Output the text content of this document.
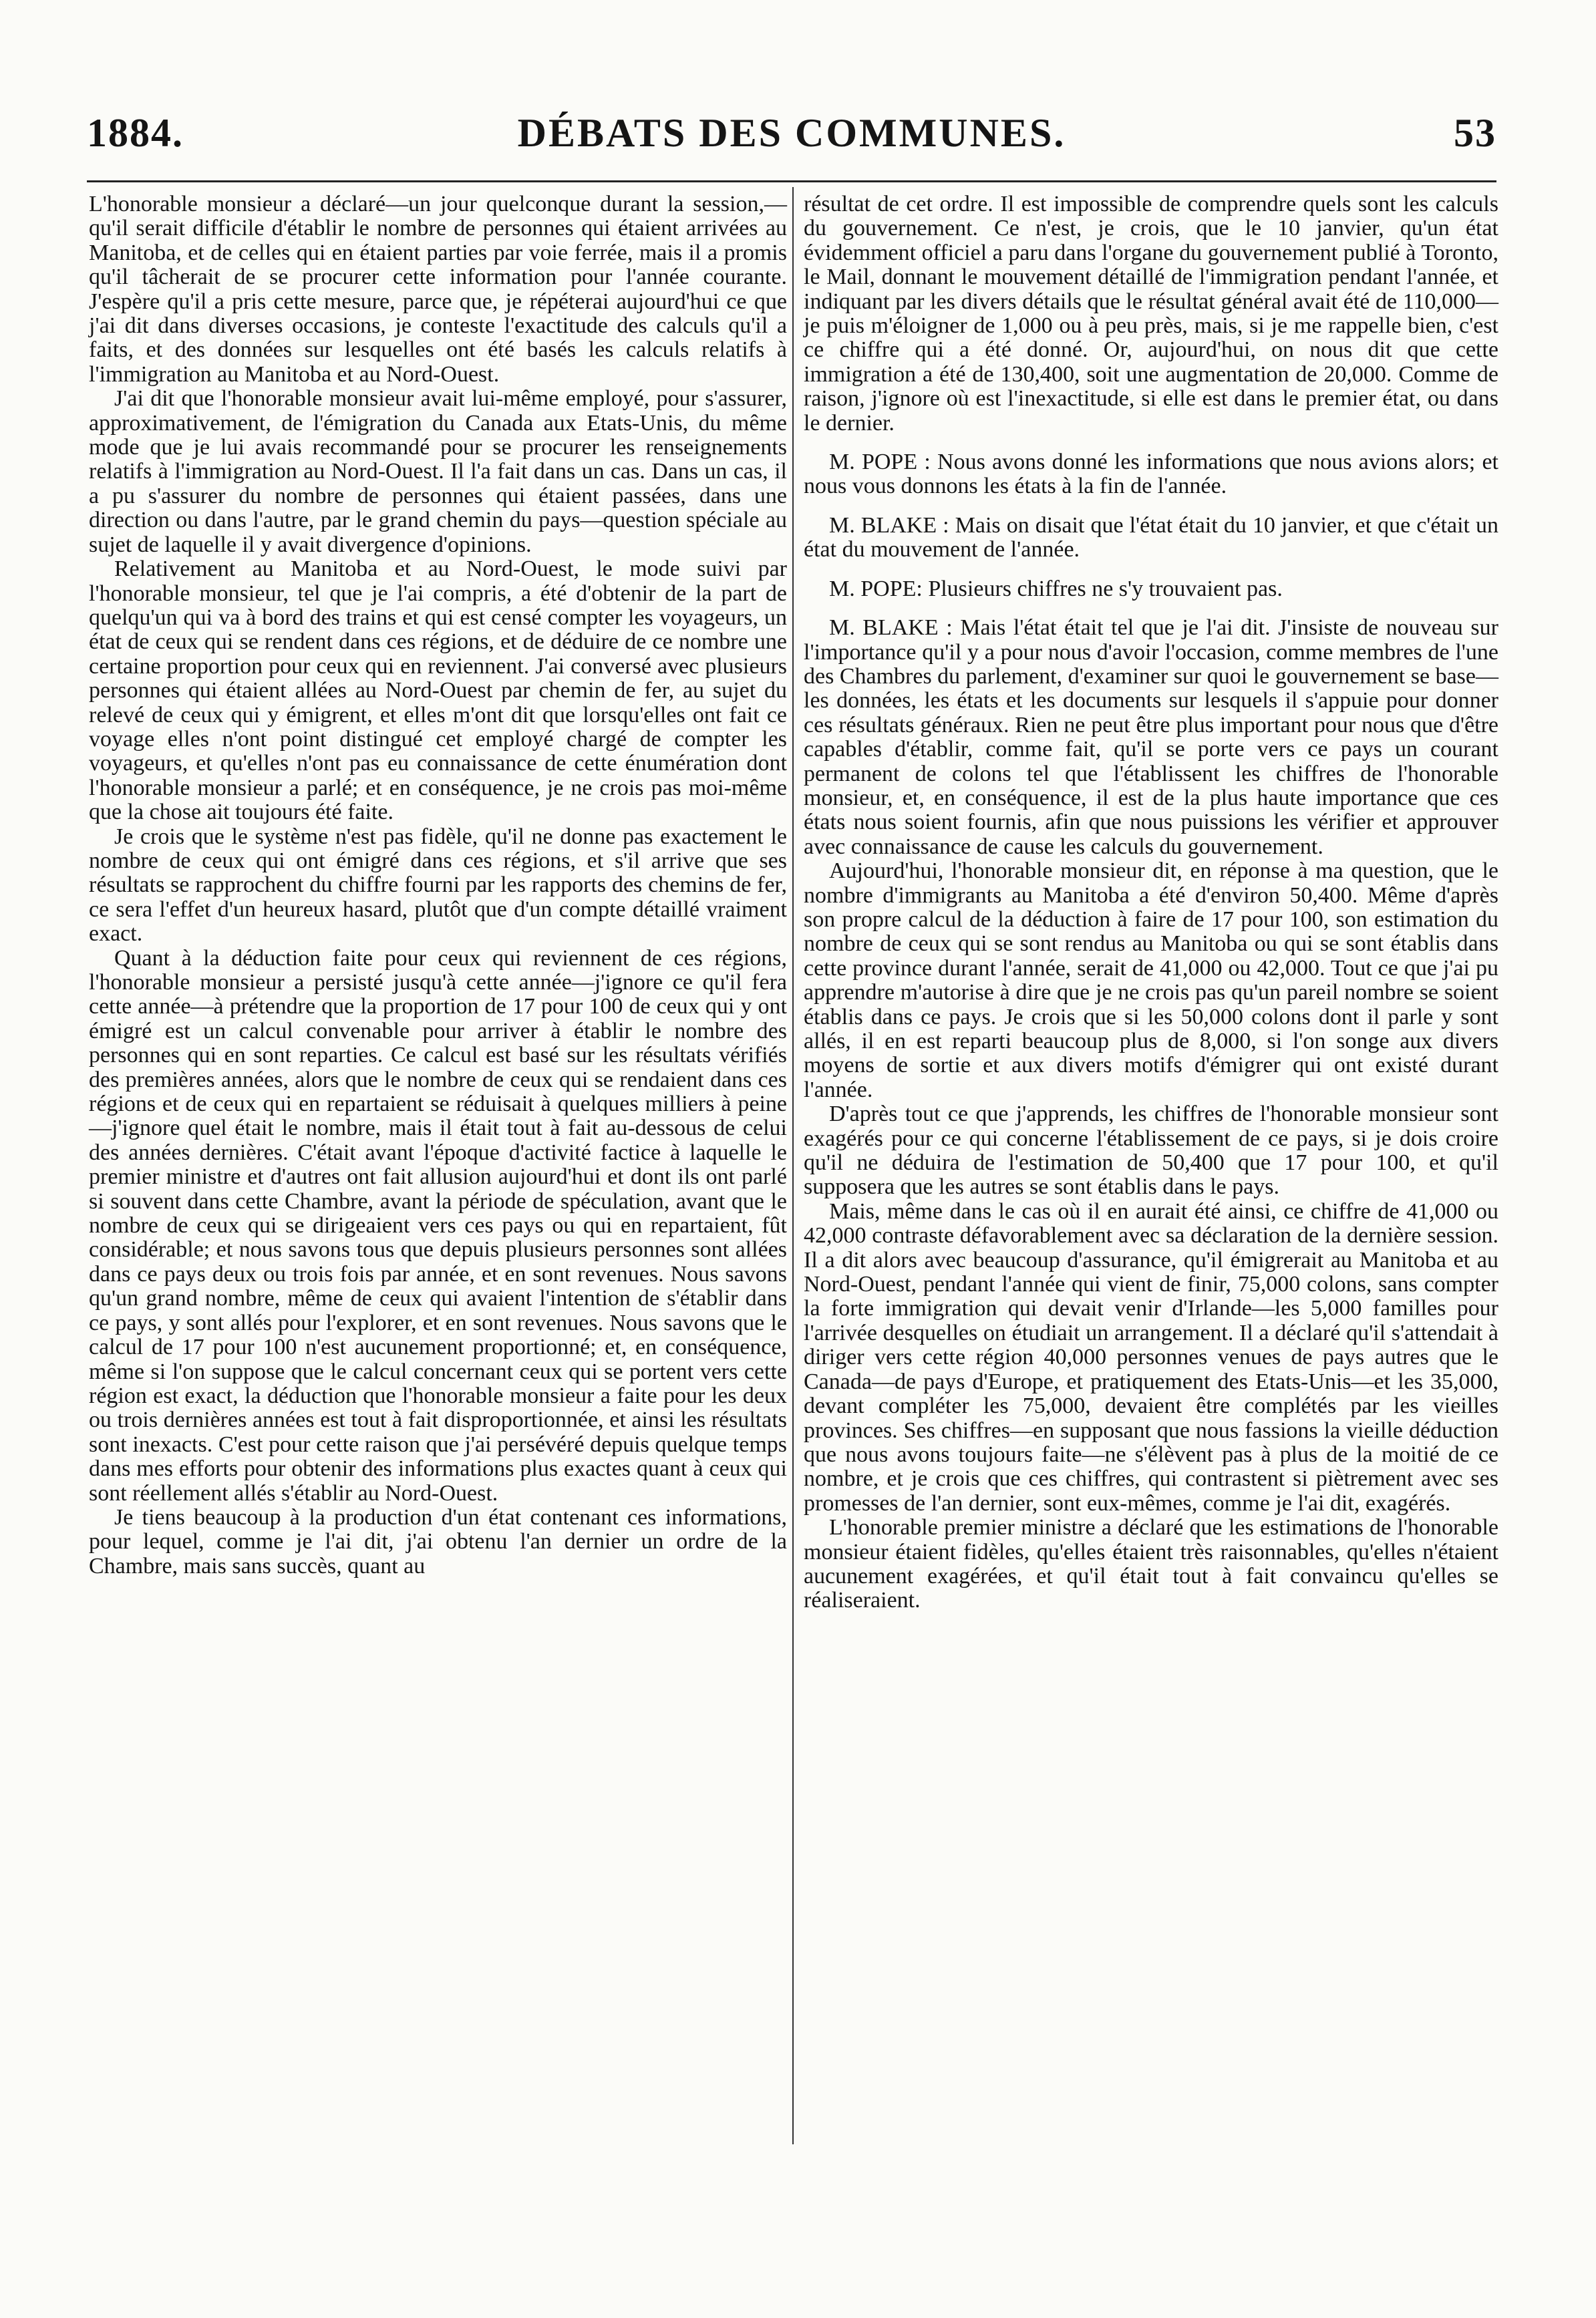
DÉBATS DES COMMUNES.
1884.	53

L'honorable monsieur a déclaré—un jour quelconque durant la session,—qu'il serait difficile d'établir le nombre de personnes qui étaient arrivées au Manitoba, et de celles qui en étaient parties par voie ferrée, mais il a promis qu'il tâcherait de se procurer cette information pour l'année courante. J'espère qu'il a pris cette mesure, parce que, je répéterai aujourd'hui ce que j'ai dit dans diverses occasions, je conteste l'exactitude des calculs qu'il a faits, et des données sur lesquelles ont été basés les calculs relatifs à l'immigration au Manitoba et au Nord-Ouest.

J'ai dit que l'honorable monsieur avait lui-même employé, pour s'assurer, approximativement, de l'émigration du Canada aux Etats-Unis, du même mode que je lui avais recommandé pour se procurer les renseignements relatifs à l'immigration au Nord-Ouest. Il l'a fait dans un cas. Dans un cas, il a pu s'assurer du nombre de personnes qui étaient passées, dans une direction ou dans l'autre, par le grand chemin du pays—question spéciale au sujet de laquelle il y avait divergence d'opinions.

Relativement au Manitoba et au Nord-Ouest, le mode suivi par l'honorable monsieur, tel que je l'ai compris, a été d'obtenir de la part de quelqu'un qui va à bord des trains et qui est censé compter les voyageurs, un état de ceux qui se rendent dans ces régions, et de déduire de ce nombre une certaine proportion pour ceux qui en reviennent. J'ai conversé avec plusieurs personnes qui étaient allées au Nord-Ouest par chemin de fer, au sujet du relevé de ceux qui y émigrent, et elles m'ont dit que lorsqu'elles ont fait ce voyage elles n'ont point distingué cet employé chargé de compter les voyageurs, et qu'elles n'ont pas eu connaissance de cette énumération dont l'honorable monsieur a parlé; et en conséquence, je ne crois pas moi-même que la chose ait toujours été faite.

Je crois que le système n'est pas fidèle, qu'il ne donne pas exactement le nombre de ceux qui ont émigré dans ces régions, et s'il arrive que ses résultats se rapprochent du chiffre fourni par les rapports des chemins de fer, ce sera l'effet d'un heureux hasard, plutôt que d'un compte détaillé vraiment exact.

Quant à la déduction faite pour ceux qui reviennent de ces régions, l'honorable monsieur a persisté jusqu'à cette année—j'ignore ce qu'il fera cette année—à prétendre que la proportion de 17 pour 100 de ceux qui y ont émigré est un calcul convenable pour arriver à établir le nombre des personnes qui en sont reparties. Ce calcul est basé sur les résultats vérifiés des premières années, alors que le nombre de ceux qui se rendaient dans ces régions et de ceux qui en repartaient se réduisait à quelques milliers à peine—j'ignore quel était le nombre, mais il était tout à fait au-dessous de celui des années dernières. C'était avant l'époque d'activité factice à laquelle le premier ministre et d'autres ont fait allusion aujourd'hui et dont ils ont parlé si souvent dans cette Chambre, avant la période de spéculation, avant que le nombre de ceux qui se dirigeaient vers ces pays ou qui en repartaient, fût considérable; et nous savons tous que depuis plusieurs personnes sont allées dans ce pays deux ou trois fois par année, et en sont revenues. Nous savons qu'un grand nombre, même de ceux qui avaient l'intention de s'établir dans ce pays, y sont allés pour l'explorer, et en sont revenues. Nous savons que le calcul de 17 pour 100 n'est aucunement proportionné; et, en conséquence, même si l'on suppose que le calcul concernant ceux qui se portent vers cette région est exact, la déduction que l'honorable monsieur a faite pour les deux ou trois dernières années est tout à fait disproportionnée, et ainsi les résultats sont inexacts. C'est pour cette raison que j'ai persévéré depuis quelque temps dans mes efforts pour obtenir des informations plus exactes quant à ceux qui sont réellement allés s'établir au Nord-Ouest.

Je tiens beaucoup à la production d'un état contenant ces informations, pour lequel, comme je l'ai dit, j'ai obtenu l'an dernier un ordre de la Chambre, mais sans succès, quant au

résultat de cet ordre. Il est impossible de comprendre quels sont les calculs du gouvernement. Ce n'est, je crois, que le 10 janvier, qu'un état évidemment officiel a paru dans l'organe du gouvernement publié à Toronto, le Mail, donnant le mouvement détaillé de l'immigration pendant l'année, et indiquant par les divers détails que le résultat général avait été de 110,000— je puis m'éloigner de 1,000 ou à peu près, mais, si je me rappelle bien, c'est ce chiffre qui a été donné. Or, aujourd'hui, on nous dit que cette immigration a été de 130,400, soit une augmentation de 20,000. Comme de raison, j'ignore où est l'inexactitude, si elle est dans le premier état, ou dans le dernier.

M. POPE : Nous avons donné les informations que nous avions alors; et nous vous donnons les états à la fin de l'année.

M. BLAKE : Mais on disait que l'état était du 10 janvier, et que c'était un état du mouvement de l'année.

M. POPE: Plusieurs chiffres ne s'y trouvaient pas.

M. BLAKE : Mais l'état était tel que je l'ai dit. J'insiste de nouveau sur l'importance qu'il y a pour nous d'avoir l'occasion, comme membres de l'une des Chambres du parlement, d'examiner sur quoi le gouvernement se base—les données, les états et les documents sur lesquels il s'appuie pour donner ces résultats généraux. Rien ne peut être plus important pour nous que d'être capables d'établir, comme fait, qu'il se porte vers ce pays un courant permanent de colons tel que l'établissent les chiffres de l'honorable monsieur, et, en conséquence, il est de la plus haute importance que ces états nous soient fournis, afin que nous puissions les vérifier et approuver avec connaissance de cause les calculs du gouvernement.

Aujourd'hui, l'honorable monsieur dit, en réponse à ma question, que le nombre d'immigrants au Manitoba a été d'environ 50,400. Même d'après son propre calcul de la déduction à faire de 17 pour 100, son estimation du nombre de ceux qui se sont rendus au Manitoba ou qui se sont établis dans cette province durant l'année, serait de 41,000 ou 42,000. Tout ce que j'ai pu apprendre m'autorise à dire que je ne crois pas qu'un pareil nombre se soient établis dans ce pays. Je crois que si les 50,000 colons dont il parle y sont allés, il en est reparti beaucoup plus de 8,000, si l'on songe aux divers moyens de sortie et aux divers motifs d'émigrer qui ont existé durant l'année.

D'après tout ce que j'apprends, les chiffres de l'honorable monsieur sont exagérés pour ce qui concerne l'établissement de ce pays, si je dois croire qu'il ne déduira de l'estimation de 50,400 que 17 pour 100, et qu'il supposera que les autres se sont établis dans le pays.

Mais, même dans le cas où il en aurait été ainsi, ce chiffre de 41,000 ou 42,000 contraste défavorablement avec sa déclaration de la dernière session. Il a dit alors avec beaucoup d'assurance, qu'il émigrerait au Manitoba et au Nord-Ouest, pendant l'année qui vient de finir, 75,000 colons, sans compter la forte immigration qui devait venir d'Irlande—les 5,000 familles pour l'arrivée desquelles on étudiait un arrangement. Il a déclaré qu'il s'attendait à diriger vers cette région 40,000 personnes venues de pays autres que le Canada—de pays d'Europe, et pratiquement des Etats-Unis—et les 35,000, devant compléter les 75,000, devaient être complétés par les vieilles provinces. Ses chiffres—en supposant que nous fassions la vieille déduction que nous avons toujours faite—ne s'élèvent pas à plus de la moitié de ce nombre, et je crois que ces chiffres, qui contrastent si piètrement avec ses promesses de l'an dernier, sont eux-mêmes, comme je l'ai dit, exagérés.

L'honorable premier ministre a déclaré que les estimations de l'honorable monsieur étaient fidèles, qu'elles étaient très raisonnables, qu'elles n'étaient aucunement exagérées, et qu'il était tout à fait convaincu qu'elles se réaliseraient.
